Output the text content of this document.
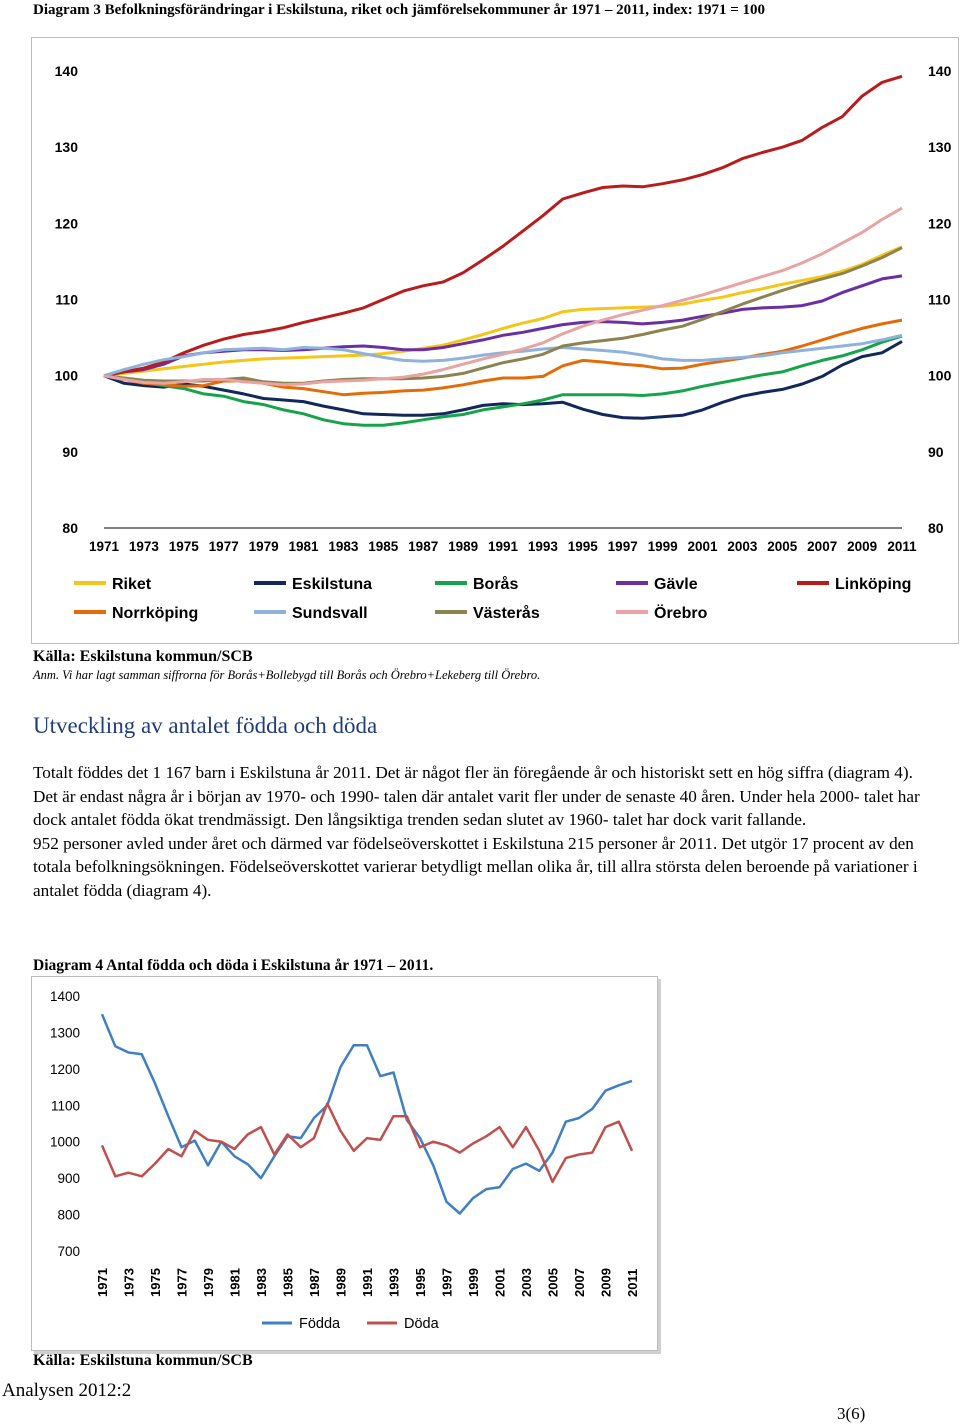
Diagram 3 Befolkningsförändringar i Eskilstuna, riket och jämförelsekommuner år 1971 – 2011, index: 1971 = 100
80	80
90	90
100	100
110	110
120	120
130	130
140	140
1971 1973 1975 1977 1979 1981 1983 1985 1987 1989 1991 1993 1995 1997 1999 2001 2003 2005 2007 2009 2011
Riket	Eskilstuna	Borås	Gävle	Linköping
Norrköping	Sundsvall	Västerås	Örebro
Källa: Eskilstuna kommun/SCB
Anm. Vi har lagt samman siffrorna för Borås+Bollebygd till Borås och Örebro+Lekeberg till Örebro.
Utveckling av antalet födda och döda

Totalt föddes det 1 167 barn i Eskilstuna år 2011. Det är något fler än föregående år och historiskt sett en hög siffra (diagram 4). Det är endast några år i början av 1970- och 1990- talen där antalet varit fler under de senaste 40 åren. Under hela 2000- talet har dock antalet födda ökat trendmässigt. Den långsiktiga trenden sedan slutet av 1960- talet har dock varit fallande.

952 personer avled under året och därmed var födelseöverskottet i Eskilstuna 215 personer år 2011. Det utgör 17 procent av den totala befolkningsökningen. Födelseöverskottet varierar betydligt mellan olika år, till allra största delen beroende på variationer i antalet födda (diagram 4).

Diagram 4 Antal födda och döda i Eskilstuna år 1971 – 2011.
700
800
900
1000
1100
1200
1300
1400
1971 1973 1975 1977 1979 1981 1983 1985 1987 1989 1991 1993 1995 1997 1999 2001 2003 2005 2007 2009 2011
Födda	Döda
Källa: Eskilstuna kommun/SCB
Analysen 2012:2
3(6)
